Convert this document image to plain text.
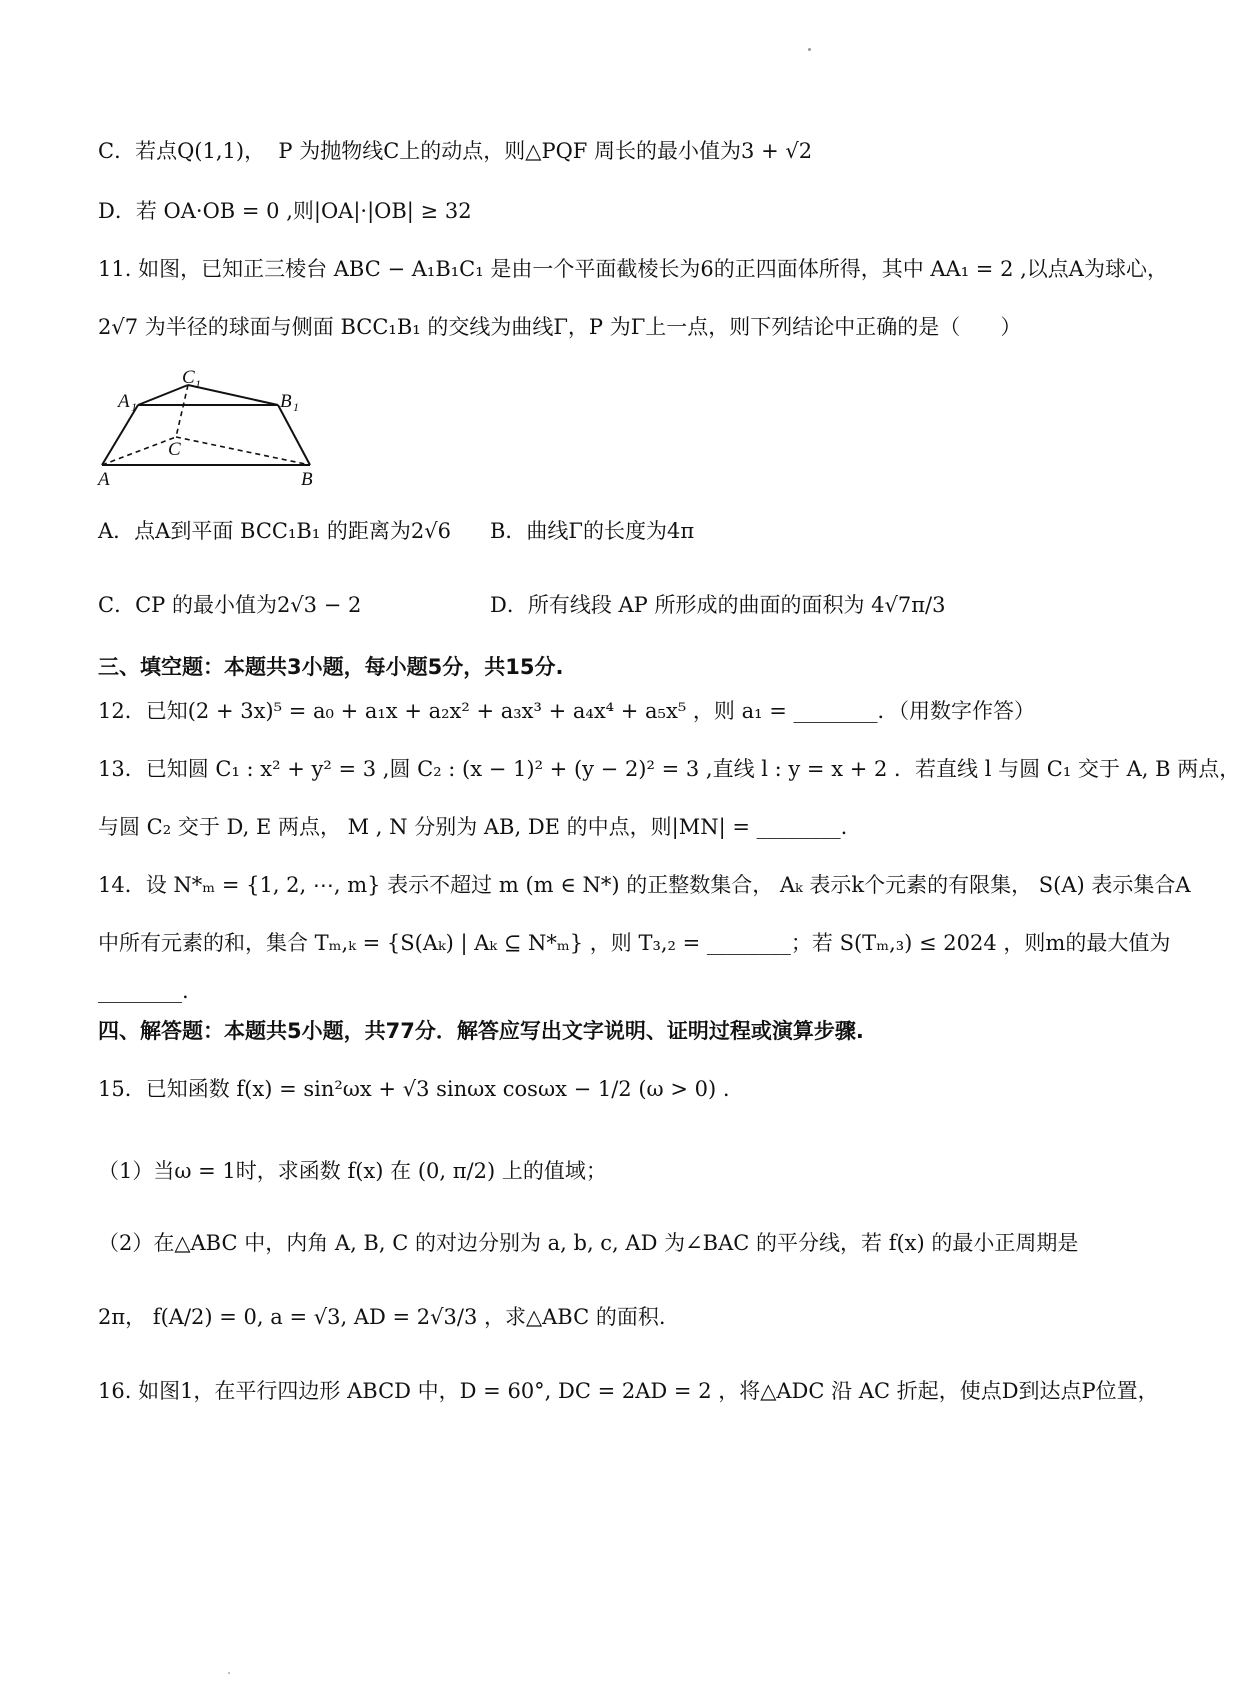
C．若点Q(1,1)，  P 为抛物线C上的动点，则△PQF 周长的最小值为3 + √2
D．若 OA·OB = 0 ,则|OA|·|OB| ≥ 32
11. 如图，已知正三棱台 ABC − A₁B₁C₁ 是由一个平面截棱长为6的正四面体所得，其中 AA₁ = 2 ,以点A为球心，
2√7 为半径的球面与侧面 BCC₁B₁ 的交线为曲线Γ，P 为Γ上一点，则下列结论中正确的是（      ）
C 1
A 1	B 1
C
A	B
A．点A到平面 BCC₁B₁ 的距离为2√6 B．曲线Γ的长度为4π
C．CP 的最小值为2√3 − 2	D．所有线段 AP 所形成的曲面的面积为 4√7π/3
三、填空题：本题共3小题，每小题5分，共15分.
12．已知(2 + 3x)⁵ = a₀ + a₁x + a₂x² + a₃x³ + a₄x⁴ + a₅x⁵ ，则 a₁ = ________．（用数字作答）
13．已知圆 C₁ : x² + y² = 3 ,圆 C₂ : (x − 1)² + (y − 2)² = 3 ,直线 l : y = x + 2 ．若直线 l 与圆 C₁ 交于 A, B 两点，
与圆 C₂ 交于 D, E 两点， M , N 分别为 AB, DE 的中点，则|MN| = ________.
14．设 N*ₘ = {1, 2, ⋯, m} 表示不超过 m (m ∈ N*) 的正整数集合， Aₖ 表示k个元素的有限集， S(A) 表示集合A
中所有元素的和，集合 Tₘ,ₖ = {S(Aₖ) | Aₖ ⊆ N*ₘ} ，则 T₃,₂ = ________；若 S(Tₘ,₃) ≤ 2024 ，则m的最大值为
________.
四、解答题：本题共5小题，共77分．解答应写出文字说明、证明过程或演算步骤.
15．已知函数 f(x) = sin²ωx + √3 sinωx cosωx − 1/2 (ω > 0) .
（1）当ω = 1时，求函数 f(x) 在 (0, π/2) 上的值域；
（2）在△ABC 中，内角 A, B, C 的对边分别为 a, b, c, AD 为∠BAC 的平分线，若 f(x) 的最小正周期是
2π， f(A/2) = 0, a = √3, AD = 2√3/3 ，求△ABC 的面积.
16. 如图1，在平行四边形 ABCD 中，D = 60°, DC = 2AD = 2 ，将△ADC 沿 AC 折起，使点D到达点P位置，
